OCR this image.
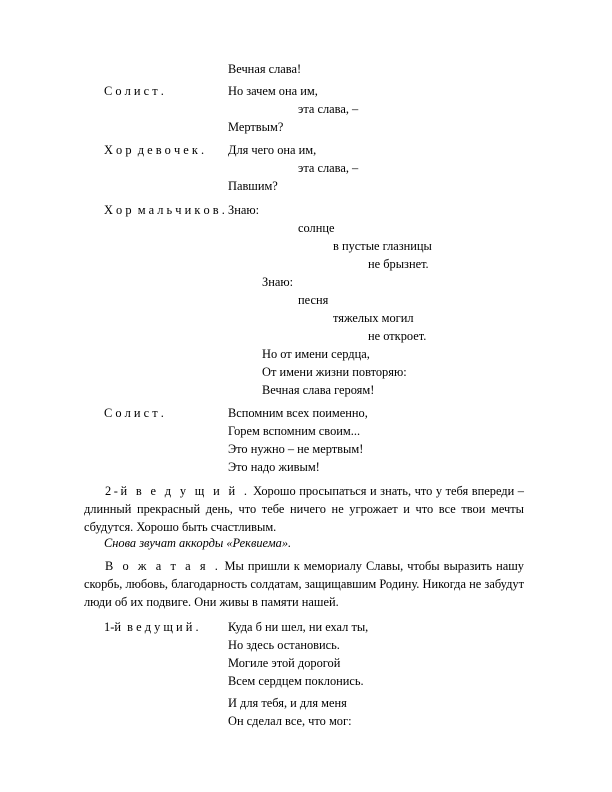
Вечная слава!
С о л и с т .	Но зачем она им,
эта слава, –
Мертвым?
Х о р  д е в о ч е к . Для чего она им,
эта слава, –
Павшим?
Х о р  м а л ь ч и к о в . Знаю:
солнце
в пустые глазницы
не брызнет.
Знаю:
песня
тяжелых могил
не откроет.
Но от имени сердца,
От имени жизни повторяю:
Вечная слава героям!
С о л и с т .	Вспомним всех поименно,
Горем вспомним своим...
Это нужно – не мертвым!
Это надо живым!
2-й в е д у щ и й . Хорошо просыпаться и знать, что у тебя впереди – длинный прекрасный день, что тебе ничего не угрожает и что все твои мечты сбудутся. Хорошо быть счастливым.
Снова звучат аккорды «Реквиема».
В о ж а т а я . Мы пришли к мемориалу Славы, чтобы выразить нашу скорбь, любовь, благодарность солдатам, защищавшим Родину. Никогда не забудут люди об их подвиге. Они живы в памяти нашей.
1-й  в е д у щ и й . Куда б ни шел, ни ехал ты,
Но здесь остановись.
Могиле этой дорогой
Всем сердцем поклонись.
И для тебя, и для меня
Он сделал все, что мог:
